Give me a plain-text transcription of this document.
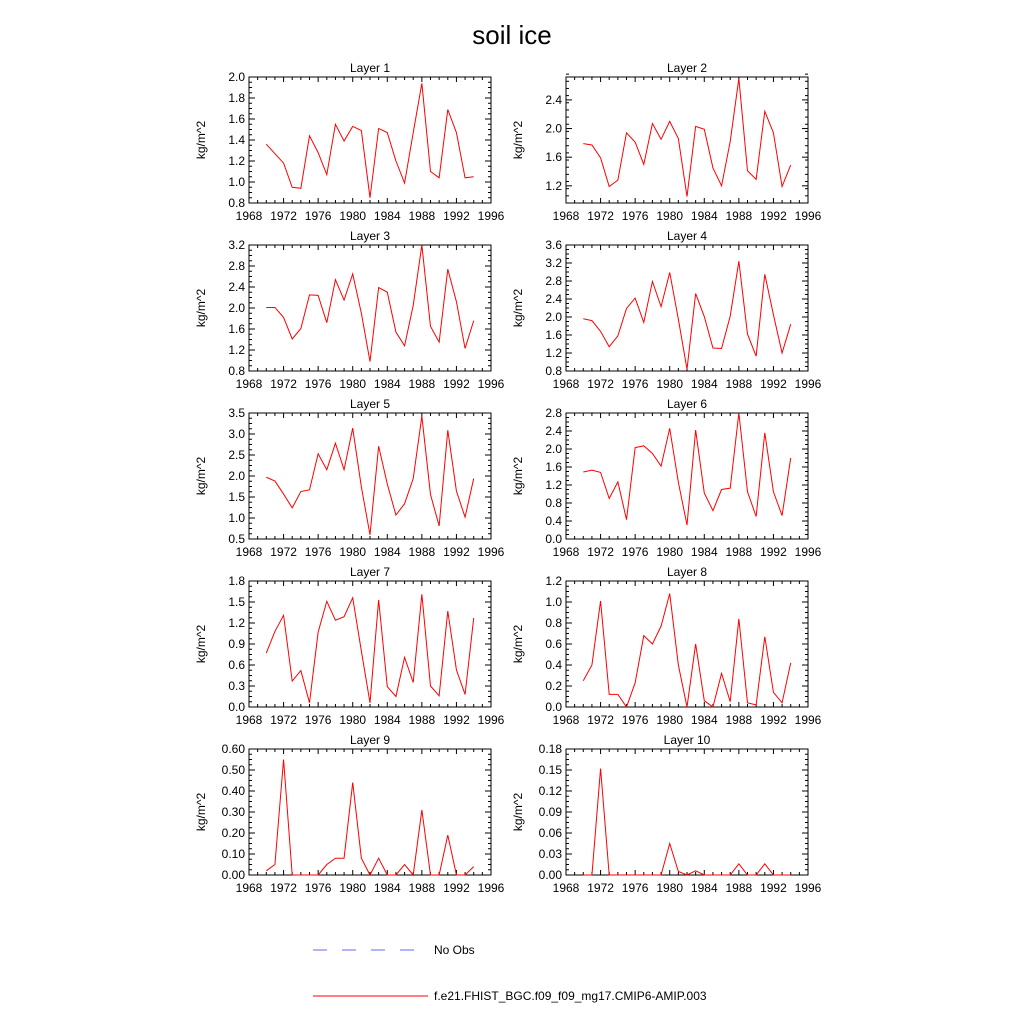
soil ice
Layer 1
kg/m^2
1968 1972 1976 1980 1984 1988 1992 1996
0.8
1.0
1.2
1.4
1.6
1.8
2.0
Layer 2
kg/m^2
1968 1972 1976 1980 1984 1988 1992 1996
1.2
1.6
2.0
2.4
Layer 3
kg/m^2
1968 1972 1976 1980 1984 1988 1992 1996
0.8
1.2
1.6
2.0
2.4
2.8
3.2
Layer 4
kg/m^2
1968 1972 1976 1980 1984 1988 1992 1996
0.8
1.2
1.6
2.0
2.4
2.8
3.2
3.6
Layer 5
kg/m^2
1968 1972 1976 1980 1984 1988 1992 1996
0.5
1.0
1.5
2.0
2.5
3.0
3.5
Layer 6
kg/m^2
1968 1972 1976 1980 1984 1988 1992 1996
0.0
0.4
0.8
1.2
1.6
2.0
2.4
2.8
Layer 7
kg/m^2
1968 1972 1976 1980 1984 1988 1992 1996
0.0
0.3
0.6
0.9
1.2
1.5
1.8
Layer 8
kg/m^2
1968 1972 1976 1980 1984 1988 1992 1996
0.0
0.2
0.4
0.6
0.8
1.0
1.2
Layer 9
kg/m^2
1968 1972 1976 1980 1984 1988 1992 1996
0.00
0.10
0.20
0.30
0.40
0.50
0.60
Layer 10
kg/m^2
1968 1972 1976 1980 1984 1988 1992 1996
0.00
0.03
0.06
0.09
0.12
0.15
0.18
No Obs
f.e21.FHIST_BGC.f09_f09_mg17.CMIP6-AMIP.003
